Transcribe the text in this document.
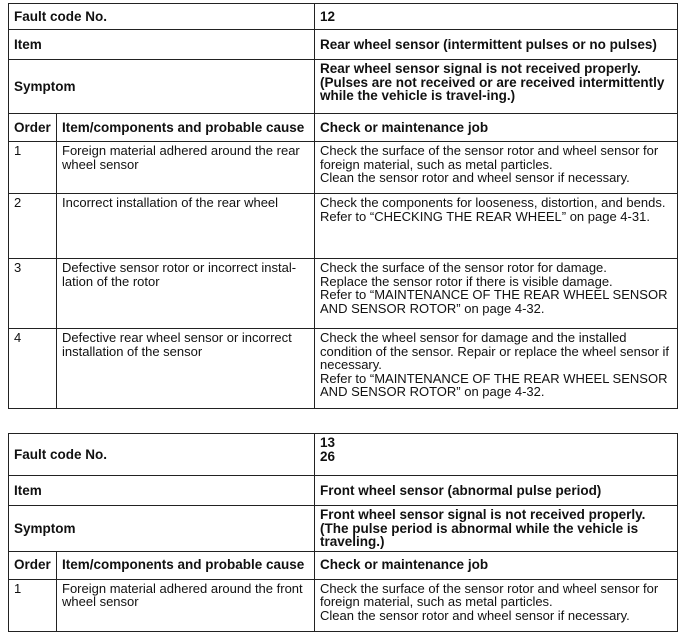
Fault code No.		12
Item		Rear wheel sensor (intermittent pulses or no pulses)
Symptom		Rear wheel sensor signal is not received properly. (Pulses are not received or are received intermittently while the vehicle is travel-ing.)
Order	Item/components and probable cause	Check or maintenance job
1	Foreign material adhered around the rear wheel sensor	Check the surface of the sensor rotor and wheel sensor for foreign material, such as metal particles.
Clean the sensor rotor and wheel sensor if necessary.
2	Incorrect installation of the rear wheel	Check the components for looseness, distortion, and bends.
Refer to “CHECKING THE REAR WHEEL” on page 4-31.
3	Defective sensor rotor or incorrect instal-lation of the rotor	Check the surface of the sensor rotor for damage.
Replace the sensor rotor if there is visible damage.
Refer to “MAINTENANCE OF THE REAR WHEEL SENSOR AND SENSOR ROTOR” on page 4-32.
4	Defective rear wheel sensor or incorrect installation of the sensor	Check the wheel sensor for damage and the installed condition of the sensor. Repair or replace the wheel sensor if necessary.
Refer to “MAINTENANCE OF THE REAR WHEEL SENSOR AND SENSOR ROTOR” on page 4-32.
Fault code No.		13
26
Item		Front wheel sensor (abnormal pulse period)
Symptom		Front wheel sensor signal is not received properly. (The pulse period is abnormal while the vehicle is traveling.)
Order	Item/components and probable cause	Check or maintenance job
1	Foreign material adhered around the front wheel sensor	Check the surface of the sensor rotor and wheel sensor for foreign material, such as metal particles.
Clean the sensor rotor and wheel sensor if necessary.
